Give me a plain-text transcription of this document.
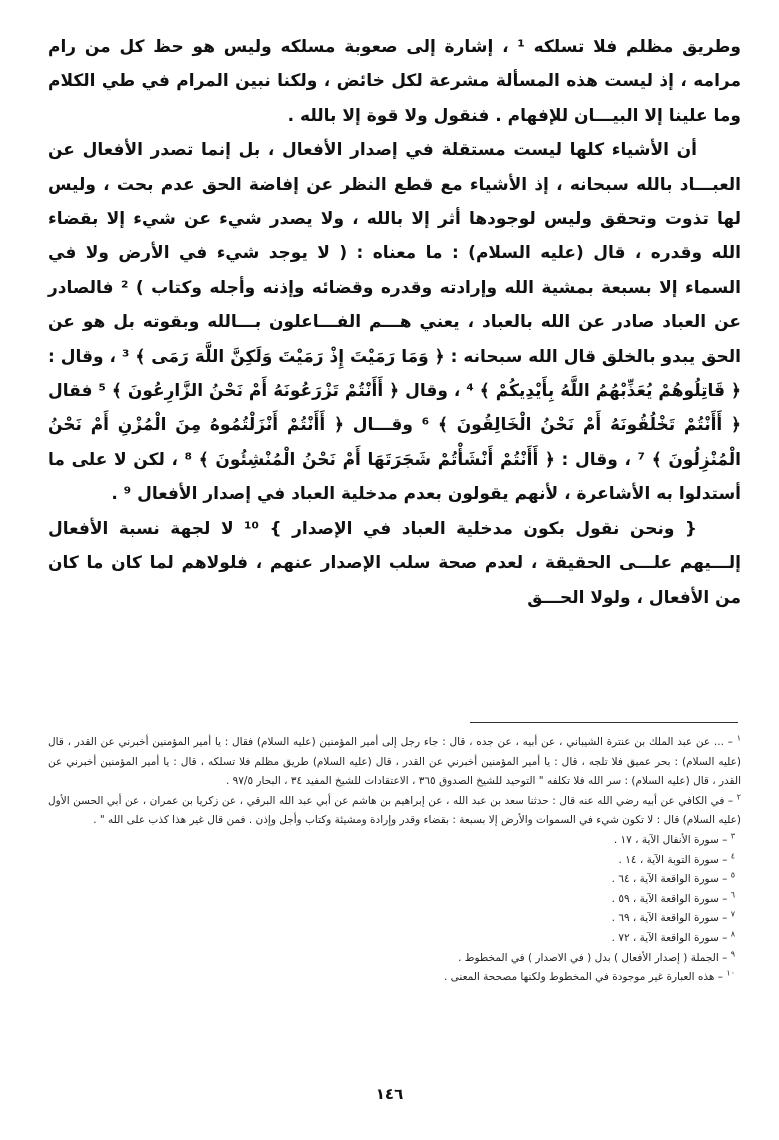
وطريق مظلم فلا تسلكه ¹ ، إشارة إلى صعوبة مسلكه وليس هو حظ كل من رام مرامه ، إذ ليست هذه المسألة مشرعة لكل خائض ، ولكنا نبين المرام في طي الكلام وما علينا إلا البيـــان للإفهام . فنقول ولا قوة إلا بالله .

أن الأشياء كلها ليست مستقلة في إصدار الأفعال ، بل إنما تصدر الأفعال عن العبـــاد بالله سبحانه ، إذ الأشياء مع قطع النظر عن إفاضة الحق عدم بحت ، وليس لها تذوت وتحقق وليس لوجودها أثر إلا بالله ، ولا يصدر شيء عن شيء إلا بقضاء الله وقدره ، قال (عليه السلام) : ما معناه : ( لا يوجد شيء في الأرض ولا في السماء إلا بسبعة بمشية الله وإرادته وقدره وقضائه وإذنه وأجله وكتاب ) ² فالصادر عن العباد صادر عن الله بالعباد ، يعني هـــم الفـــاعلون بـــالله وبقوته بل هو عن الحق يبدو بالخلق قال الله سبحانه : ﴿ وَمَا رَمَيْتَ إِذْ رَمَيْتَ وَلَكِنَّ اللَّهَ رَمَى ﴾ ³ ، وقال : ﴿ قَاتِلُوهُمْ يُعَذِّبْهُمُ اللَّهُ بِأَيْدِيكُمْ ﴾ ⁴ ، وقال ﴿ أَأَنْتُمْ تَزْرَعُونَهُ أَمْ نَحْنُ الزَّارِعُونَ ﴾ ⁵ فقال ﴿ أَأَنْتُمْ تَخْلُقُونَهُ أَمْ نَحْنُ الْخَالِقُونَ ﴾ ⁶ وقـــال ﴿ أَأَنْتُمْ أَنْزَلْتُمُوهُ مِنَ الْمُزْنِ أَمْ نَحْنُ الْمُنْزِلُونَ ﴾ ⁷ ، وقال : ﴿ أَأَنْتُمْ أَنْشَأْتُمْ شَجَرَتَهَا أَمْ نَحْنُ الْمُنْشِئُونَ ﴾ ⁸ ، لكن لا على ما أستدلوا به الأشاعرة ، لأنهم يقولون بعدم مدخلية العباد في إصدار الأفعال ⁹ .

{ ونحن نقول بكون مدخلية العباد في الإصدار } ¹⁰ لا لجهة نسبة الأفعال إلـــيهم علـــى الحقيقة ، لعدم صحة سلب الإصدار عنهم ، فلولاهم لما كان ما كان من الأفعال ، ولولا الحـــق

$^١$ – ... عن عبد الملك بن عنترة الشيباني ، عن أبيه ، عن جده ، قال : جاء رجل إلى أمير المؤمنين (عليه السلام) فقال : يا أمير المؤمنين أخبرني عن القدر ، قال (عليه السلام) : بحر عميق فلا تلجه ، قال : يا أمير المؤمنين أخبرني عن القدر ، قال (عليه السلام) طريق مظلم فلا تسلكه ، قال : يا أمير المؤمنين أخبرني عن القدر ، قال (عليه السلام) : سر الله فلا تكلفه " التوحيد للشيخ الصدوق ٣٦٥ ، الاعتقادات للشيخ المفيد ٣٤ ، البحار ٩٧/٥ .

$^٢$ – في الكافي عن أبيه رضي الله عنه قال : حدثنا سعد بن عبد الله ، عن إبراهيم بن هاشم عن أبي عبد الله البرقي ، عن زكريا بن عمران ، عن أبي الحسن الأول (عليه السلام) قال : لا تكون شيء في السموات والأرض إلا بسبعة : بقضاء وقدر وإرادة ومشيئة وكتاب وأجل وإذن . فمن قال غير هذا كذب على الله " .

$^٣$ – سورة الأنفال الآية ، ١٧ .

$^٤$ – سورة التوبة الآية ، ١٤ .

$^٥$ – سورة الواقعة الآية ، ٦٤ .

$^٦$ – سورة الواقعة الآية ، ٥٩ .

$^٧$ – سورة الواقعة الآية ، ٦٩ .

$^٨$ – سورة الواقعة الآية ، ٧٢ .

$^٩$ – الجملة ( إصدار الأفعال ) بدل ( في الاصدار ) في المخطوط .

$^{١٠}$ – هذه العبارة غير موجودة في المخطوط ولكنها مصححة المعنى .

١٤٦
